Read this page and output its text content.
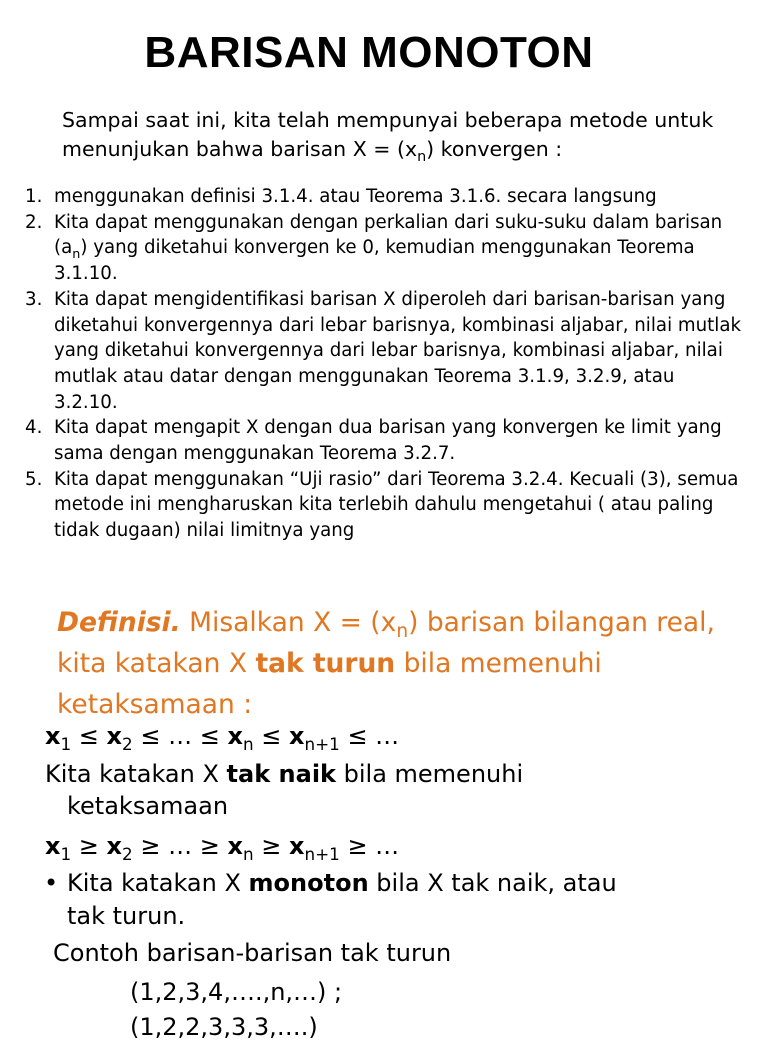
BARISAN MONOTON
Sampai saat ini, kita telah mempunyai beberapa metode untuk menunjukan bahwa barisan $X = (x_n)$ konvergen :
1. menggunakan definisi 3.1.4. atau Teorema 3.1.6. secara langsung
2. Kita dapat menggunakan dengan perkalian dari suku-suku dalam barisan $(a_n)$ yang diketahui konvergen ke 0, kemudian menggunakan Teorema 3.1.10.
3. Kita dapat mengidentifikasi barisan X diperoleh dari barisan-barisan yang diketahui konvergennya dari lebar barisnya, kombinasi aljabar, nilai mutlak yang diketahui konvergennya dari lebar barisnya, kombinasi aljabar, nilai mutlak atau datar dengan menggunakan Teorema 3.1.9, 3.2.9, atau 3.2.10.
4. Kita dapat mengapit X dengan dua barisan yang konvergen ke limit yang sama dengan menggunakan Teorema 3.2.7.
5. Kita dapat menggunakan “Uji rasio” dari Teorema 3.2.4. Kecuali (3), semua metode ini mengharuskan kita terlebih dahulu mengetahui ( atau paling tidak dugaan) nilai limitnya yang
Definisi. Misalkan $X = (x_n)$ barisan bilangan real, kita katakan X tak turun bila memenuhi ketaksamaan :
$x_1 \le x_2$ ≤ … ≤ $x_n \le x_{n+1}$ ≤ …
Kita katakan X tak naik bila memenuhi
ketaksamaan
$x_1 \ge x_2$ ≥ … ≥ $x_n \ge x_{n+1}$ ≥ …
• Kita katakan X monoton bila X tak naik, atau
tak turun.
Contoh barisan-barisan tak turun
(1,2,3,4,….,n,…) ;
(1,2,2,3,3,3,….)
